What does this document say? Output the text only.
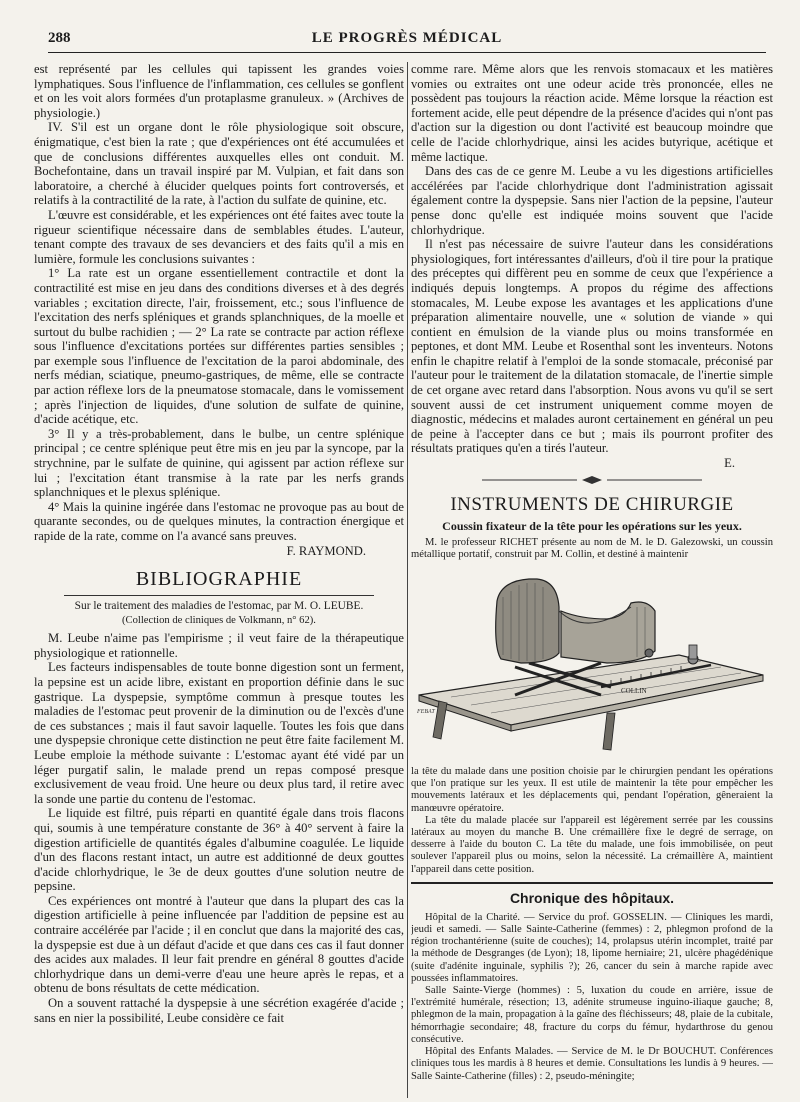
288	LE PROGRÈS MÉDICAL

est représenté par les cellules qui tapissent les grandes voies lymphatiques. Sous l'influence de l'inflammation, ces cellules se gonflent et on les voit alors formées d'un protaplasme granuleux. » (Archives de physiologie.)

IV. S'il est un organe dont le rôle physiologique soit obscure, énigmatique, c'est bien la rate ; que d'expériences ont été accumulées et que de conclusions différentes auxquelles elles ont conduit. M. Bochefontaine, dans un travail inspiré par M. Vulpian, et fait dans son laboratoire, a cherché à élucider quelques points fort controversés, et relatifs à la contractilité de la rate, à l'action du sulfate de quinine, etc.

L'œuvre est considérable, et les expériences ont été faites avec toute la rigueur scientifique nécessaire dans de semblables études. L'auteur, tenant compte des travaux de ses devanciers et des faits qu'il a mis en lumière, formule les conclusions suivantes :

1° La rate est un organe essentiellement contractile et dont la contractilité est mise en jeu dans des conditions diverses et à des degrés variables ; excitation directe, l'air, froissement, etc.; sous l'influence de l'excitation des nerfs spléniques et grands splanchniques, de la moelle et surtout du bulbe rachidien ; — 2° La rate se contracte par action réflexe sous l'influence d'excitations portées sur différentes parties sensibles ; par exemple sous l'influence de l'excitation de la paroi abdominale, des nerfs médian, sciatique, pneumo-gastriques, de même, elle se contracte par action réflexe lors de la pneumatose stomacale, dans le vomissement ; après l'injection de liquides, d'une solution de sulfate de quinine, d'acide acétique, etc.

3° Il y a très-probablement, dans le bulbe, un centre splénique principal ; ce centre splénique peut être mis en jeu par la syncope, par la strychnine, par le sulfate de quinine, qui agissent par action réflexe sur lui ; l'excitation étant transmise à la rate par les nerfs grands splanchniques et le plexus splénique.

4° Mais la quinine ingérée dans l'estomac ne provoque pas au bout de quarante secondes, ou de quelques minutes, la contraction énergique et rapide de la rate, comme on l'a avancé sans preuves.

F. RAYMOND.
BIBLIOGRAPHIE
Sur le traitement des maladies de l'estomac, par M. O. LEUBE.
(Collection de cliniques de Volkmann, n° 62).

M. Leube n'aime pas l'empirisme ; il veut faire de la thérapeutique physiologique et rationnelle.

Les facteurs indispensables de toute bonne digestion sont un ferment, la pepsine est un acide libre, existant en proportion définie dans le suc gastrique. La dyspepsie, symptôme commun à presque toutes les maladies de l'estomac peut provenir de la diminution ou de l'excès d'une de ces substances ; mais il faut savoir laquelle. Toutes les fois que dans une dyspepsie chronique cette distinction ne peut être faite facilement M. Leube emploie la méthode suivante : L'estomac ayant été vidé par un léger purgatif salin, le malade prend un repas composé presque exclusivement de veau froid. Une heure ou deux plus tard, il retire avec la sonde une partie du contenu de l'estomac.

Le liquide est filtré, puis réparti en quantité égale dans trois flacons qui, soumis à une température constante de 36° à 40° servent à faire la digestion artificielle de quantités égales d'albumine coagulée. Le liquide d'un des flacons restant intact, un autre est additionné de deux gouttes d'acide chlorhydrique, le 3e de deux gouttes d'une solution neutre de pepsine.

Ces expériences ont montré à l'auteur que dans la plupart des cas la digestion artificielle à peine influencée par l'addition de pepsine est au contraire accélérée par l'acide ; il en conclut que dans la majorité des cas, la dyspepsie est due à un défaut d'acide et que dans ces cas il faut donner des acides aux malades. Il leur fait prendre en général 8 gouttes d'acide chlorhydrique dans un demi-verre d'eau une heure après le repas, et a obtenu de bons résultats de cette médication.

On a souvent rattaché la dyspepsie à une sécrétion exagérée d'acide ; sans en nier la possibilité, Leube considère ce fait

comme rare. Même alors que les renvois stomacaux et les matières vomies ou extraites ont une odeur acide très prononcée, elles ne possèdent pas toujours la réaction acide. Même lorsque la réaction est fortement acide, elle peut dépendre de la présence d'acides qui n'ont pas d'action sur la digestion ou dont l'activité est beaucoup moindre que celle de l'acide chlorhydrique, ainsi les acides butyrique, acétique et même lactique.

Dans des cas de ce genre M. Leube a vu les digestions artificielles accélérées par l'acide chlorhydrique dont l'administration agissait également contre la dyspepsie. Sans nier l'action de la pepsine, l'auteur pense donc qu'elle est indiquée moins souvent que l'acide chlorhydrique.

Il n'est pas nécessaire de suivre l'auteur dans les considérations physiologiques, fort intéressantes d'ailleurs, d'où il tire pour la pratique des préceptes qui diffèrent peu en somme de ceux que l'expérience a indiqués depuis longtemps. A propos du régime des affections stomacales, M. Leube expose les avantages et les applications d'une préparation alimentaire nouvelle, une « solution de viande » qui contient en émulsion de la viande plus ou moins transformée en peptones, et dont MM. Leube et Rosenthal sont les inventeurs. Notons enfin le chapitre relatif à l'emploi de la sonde stomacale, préconisé par l'auteur pour le traitement de la dilatation stomacale, de l'inertie simple de cet organe avec retard dans l'absorption. Nous avons vu qu'il se sert souvent aussi de cet instrument uniquement comme moyen de diagnostic, médecins et malades auront certainement en général un peu de peine à l'accepter dans ce but ; mais ils pourront profiter des résultats pratiques qu'en a tirés l'auteur.

E.
INSTRUMENTS DE CHIRURGIE
Coussin fixateur de la tête pour les opérations sur les yeux.

M. le professeur RICHET présente au nom de M. le D. Galezowski, un coussin métallique portatif, construit par M. Collin, et destiné à maintenir

COLLIN
FEBAT

la tête du malade dans une position choisie par le chirurgien pendant les opérations que l'on pratique sur les yeux. Il est utile de maintenir la tête pour empêcher les mouvements latéraux et les déplacements qui, pendant l'opération, gêneraient la manœuvre opératoire.

La tête du malade placée sur l'appareil est légèrement serrée par les coussins latéraux au moyen du manche B. Une crémaillère fixe le degré de serrage, on desserre à l'aide du bouton C. La tête du malade, une fois immobilisée, on peut soulever l'appareil plus ou moins, selon la nécessité. La crémaillère A, maintient l'appareil dans cette position.

Chronique des hôpitaux.

Hôpital de la Charité. — Service du prof. GOSSELIN. — Cliniques les mardi, jeudi et samedi. — Salle Sainte-Catherine (femmes) : 2, phlegmon profond de la région trochantérienne (suite de couches); 14, prolapsus utérin incomplet, traité par la méthode de Desgranges (de Lyon); 18, lipome herniaire; 21, ulcère phagédénique (suite d'adénite inguinale, syphilis ?); 26, cancer du sein à marche rapide avec poussées inflammatoires.

Salle Sainte-Vierge (hommes) : 5, luxation du coude en arrière, issue de l'extrémité humérale, résection; 13, adénite strumeuse inguino-iliaque gauche; 8, phlegmon de la main, propagation à la gaîne des fléchisseurs; 48, plaie de la cubitale, hémorrhagie secondaire; 48, fracture du corps du fémur, hydarthrose du genou consécutive.

Hôpital des Enfants Malades. — Service de M. le Dr BOUCHUT. Conférences cliniques tous les mardis à 8 heures et demie. Consultations les lundis à 9 heures. — Salle Sainte-Catherine (filles) : 2, pseudo-méningite;
